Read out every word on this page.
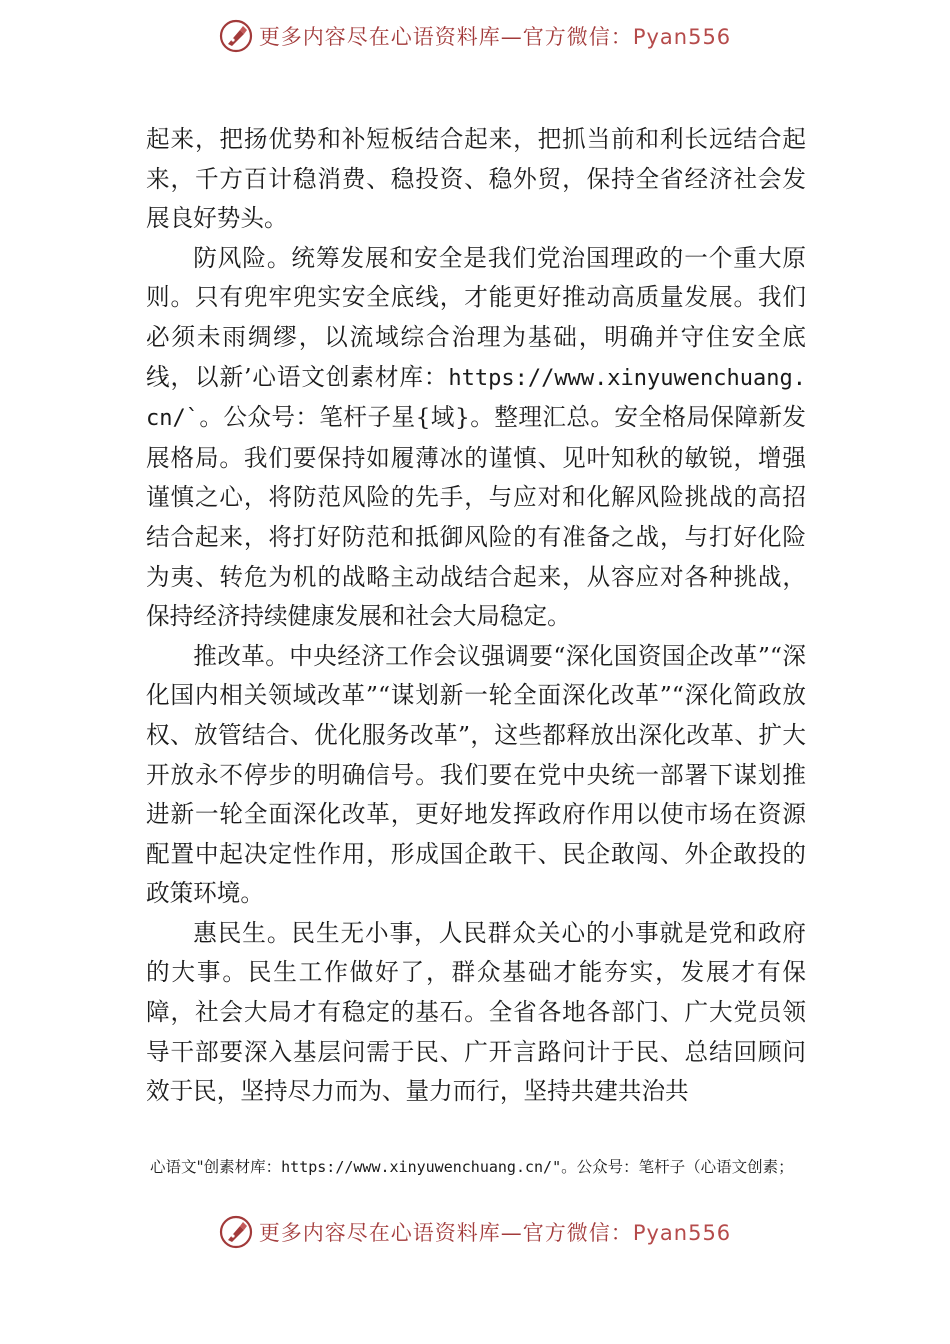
更多内容尽在心语资料库—官方微信：Pyan556

起来，把扬优势和补短板结合起来，把抓当前和利长远结合起来，千方百计稳消费、稳投资、稳外贸，保持全省经济社会发展良好势头。

防风险。统筹发展和安全是我们党治国理政的一个重大原则。只有兜牢兜实安全底线，才能更好推动高质量发展。我们必须未雨绸缪，以流域综合治理为基础，明确并守住安全底线，以新’心语文创素材库：https://www.xinyuwenchuang.cn/`。公众号：笔杆子星{域}。整理汇总。安全格局保障新发展格局。我们要保持如履薄冰的谨慎、见叶知秋的敏锐，增强谨慎之心，将防范风险的先手，与应对和化解风险挑战的高招结合起来，将打好防范和抵御风险的有准备之战，与打好化险为夷、转危为机的战略主动战结合起来，从容应对各种挑战，保持经济持续健康发展和社会大局稳定。

推改革。中央经济工作会议强调要“深化国资国企改革”“深化国内相关领域改革”“谋划新一轮全面深化改革”“深化简政放权、放管结合、优化服务改革”，这些都释放出深化改革、扩大开放永不停步的明确信号。我们要在党中央统一部署下谋划推进新一轮全面深化改革，更好地发挥政府作用以使市场在资源配置中起决定性作用，形成国企敢干、民企敢闯、外企敢投的政策环境。

惠民生。民生无小事，人民群众关心的小事就是党和政府的大事。民生工作做好了，群众基础才能夯实，发展才有保障，社会大局才有稳定的基石。全省各地各部门、广大党员领导干部要深入基层问需于民、广开言路问计于民、总结回顾问效于民，坚持尽力而为、量力而行，坚持共建共治共

心语文"创素材库：https://www.xinyuwenchuang.cn/"。公众号：笔杆子（心语文创素；
更多内容尽在心语资料库—官方微信：Pyan556
